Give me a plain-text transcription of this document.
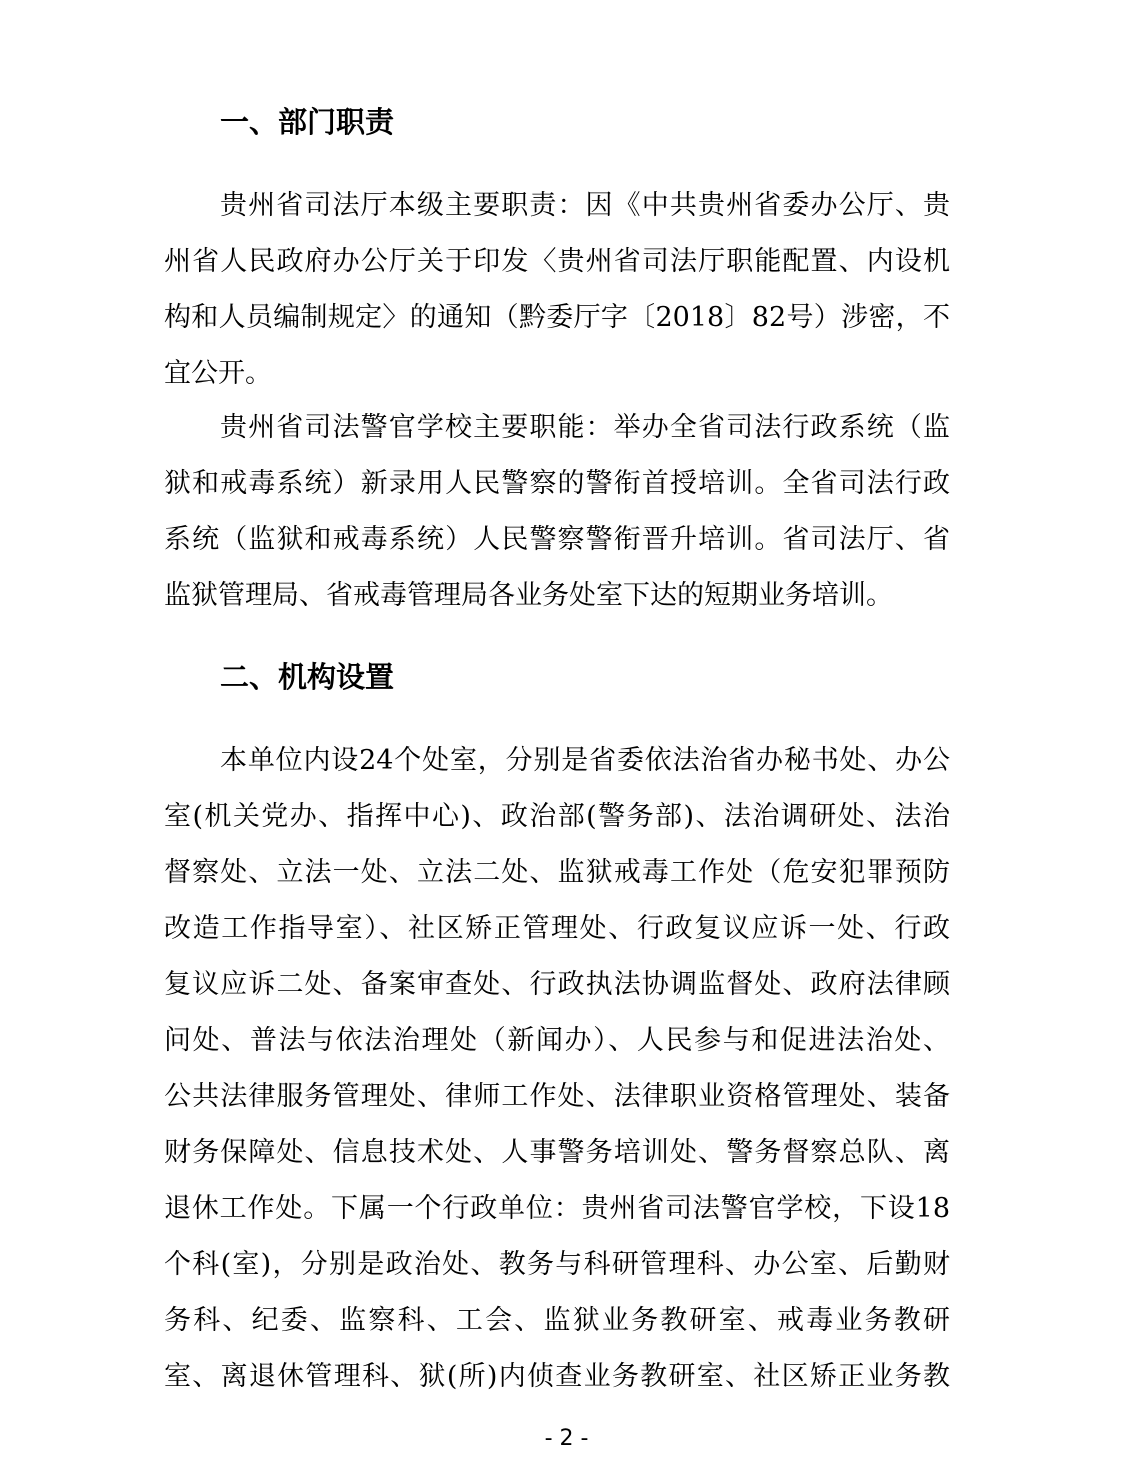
一、部门职责
贵州省司法厅本级主要职责：因《中共贵州省委办公厅、贵
州省人民政府办公厅关于印发〈贵州省司法厅职能配置、内设机
构和人员编制规定〉的通知（黔委厅字〔2018〕82号）涉密，不
宜公开。
贵州省司法警官学校主要职能：举办全省司法行政系统（监
狱和戒毒系统）新录用人民警察的警衔首授培训。全省司法行政
系统（监狱和戒毒系统）人民警察警衔晋升培训。省司法厅、省
监狱管理局、省戒毒管理局各业务处室下达的短期业务培训。
二、机构设置
本单位内设24个处室，分别是省委依法治省办秘书处、办公
室(机关党办、指挥中心)、政治部(警务部)、法治调研处、法治
督察处、立法一处、立法二处、监狱戒毒工作处（危安犯罪预防
改造工作指导室）、社区矫正管理处、行政复议应诉一处、行政
复议应诉二处、备案审查处、行政执法协调监督处、政府法律顾
问处、普法与依法治理处（新闻办）、人民参与和促进法治处、
公共法律服务管理处、律师工作处、法律职业资格管理处、装备
财务保障处、信息技术处、人事警务培训处、警务督察总队、离
退休工作处。下属一个行政单位：贵州省司法警官学校，下设18
个科(室)，分别是政治处、教务与科研管理科、办公室、后勤财
务科、纪委、监察科、工会、监狱业务教研室、戒毒业务教研
室、离退休管理科、狱(所)内侦查业务教研室、社区矫正业务教
- 2 -
